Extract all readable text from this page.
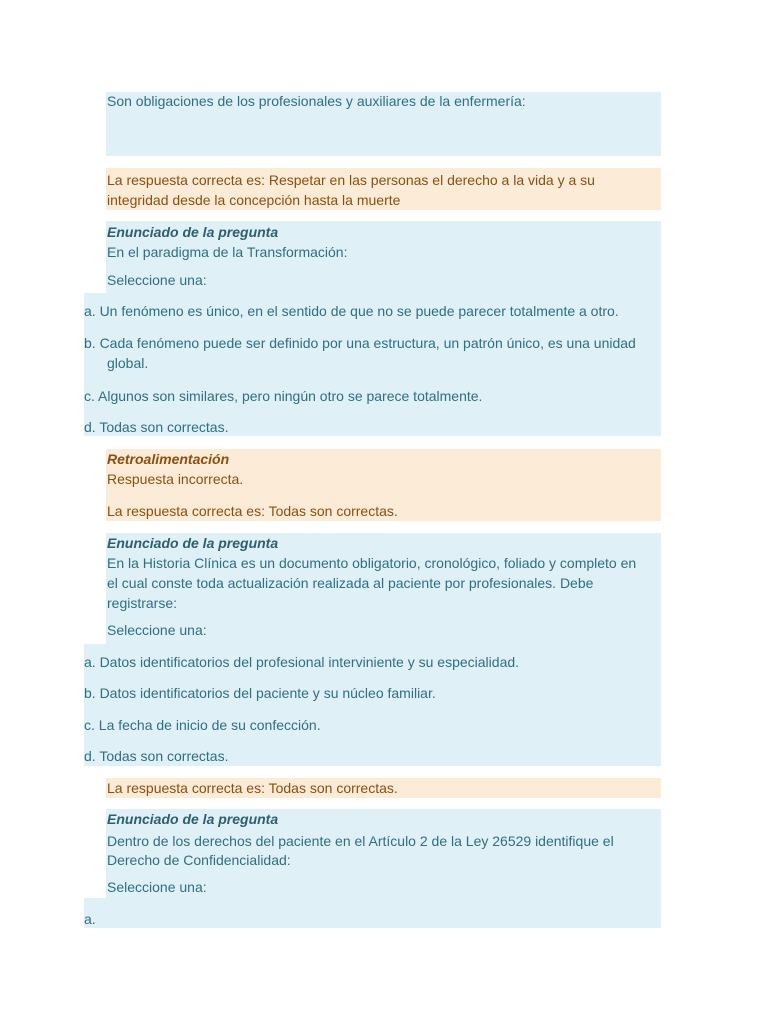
Son obligaciones de los profesionales y auxiliares de la enfermería:
La respuesta correcta es: Respetar en las personas el derecho a la vida y a su
integridad desde la concepción hasta la muerte
Enunciado de la pregunta
En el paradigma de la Transformación:
Seleccione una:
a. Un fenómeno es único, en el sentido de que no se puede parecer totalmente a otro.
b. Cada fenómeno puede ser definido por una estructura, un patrón único, es una unidad
global.
c. Algunos son similares, pero ningún otro se parece totalmente.
d. Todas son correctas.
Retroalimentación
Respuesta incorrecta.
La respuesta correcta es: Todas son correctas.
Enunciado de la pregunta
En la Historia Clínica es un documento obligatorio, cronológico, foliado y completo en
el cual conste toda actualización realizada al paciente por profesionales. Debe
registrarse:
Seleccione una:
a. Datos identificatorios del profesional interviniente y su especialidad.
b. Datos identificatorios del paciente y su núcleo familiar.
c. La fecha de inicio de su confección.
d. Todas son correctas.
La respuesta correcta es: Todas son correctas.
Enunciado de la pregunta
Dentro de los derechos del paciente en el Artículo 2 de la Ley 26529 identifique el
Derecho de Confidencialidad:
Seleccione una:
a.
